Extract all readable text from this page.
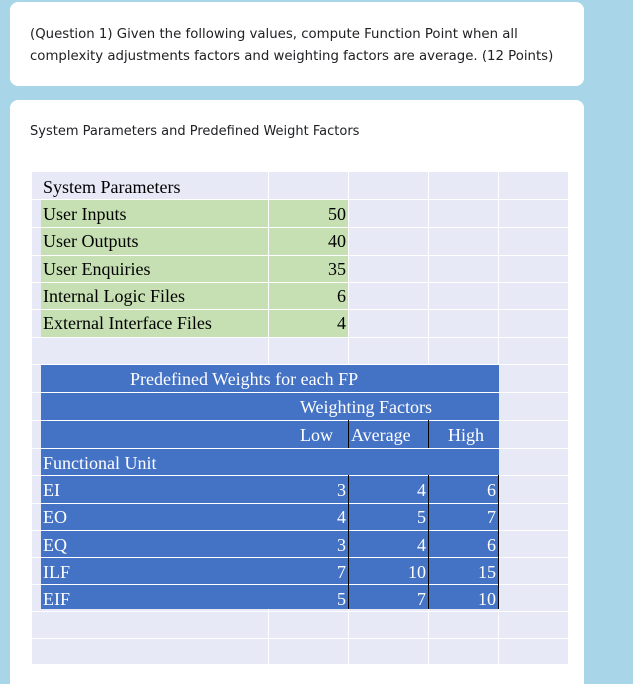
(Question 1) Given the following values, compute Function Point when all
complexity adjustments factors and weighting factors are average. (12 Points)
System Parameters and Predefined Weight Factors
System Parameters
User Inputs	50
User Outputs	40
User Enquiries	35
Internal Logic Files	6
External Interface Files	4
Predefined Weights for each FP
Weighting Factors
Low Average High
Functional Unit
EI	3	4	6
EO	4	5	7
EQ	3	4	6
ILF	7	10	15
EIF	5	7	10
